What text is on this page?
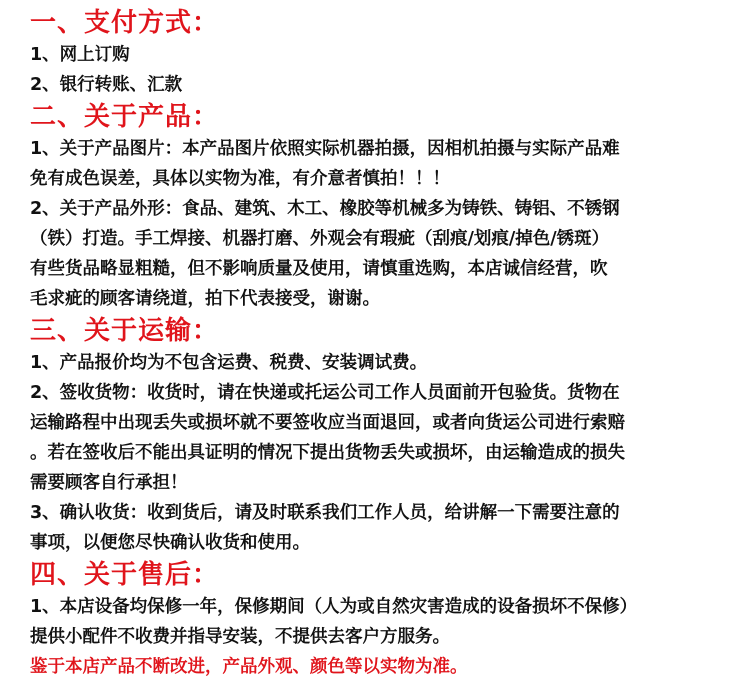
一、支付方式：

1、网上订购

2、银行转账、汇款

二、关于产品：

1、关于产品图片：本产品图片依照实际机器拍摄，因相机拍摄与实际产品难

免有成色误差，具体以实物为准，有介意者慎拍！！！

2、关于产品外形：食品、建筑、木工、橡胶等机械多为铸铁、铸铝、不锈钢

（铁）打造。手工焊接、机器打磨、外观会有瑕疵（刮痕/划痕/掉色/锈斑）

有些货品略显粗糙，但不影响质量及使用，请慎重选购，本店诚信经营，吹

毛求疵的顾客请绕道，拍下代表接受，谢谢。

三、关于运输：

1、产品报价均为不包含运费、税费、安装调试费。

2、签收货物：收货时，请在快递或托运公司工作人员面前开包验货。货物在

运输路程中出现丢失或损坏就不要签收应当面退回，或者向货运公司进行索赔

。若在签收后不能出具证明的情况下提出货物丢失或损坏，由运输造成的损失

需要顾客自行承担！

3、确认收货：收到货后，请及时联系我们工作人员，给讲解一下需要注意的

事项，以便您尽快确认收货和使用。

四、关于售后：

1、本店设备均保修一年，保修期间（人为或自然灾害造成的设备损坏不保修）

提供小配件不收费并指导安装，不提供去客户方服务。

鉴于本店产品不断改进，产品外观、颜色等以实物为准。
